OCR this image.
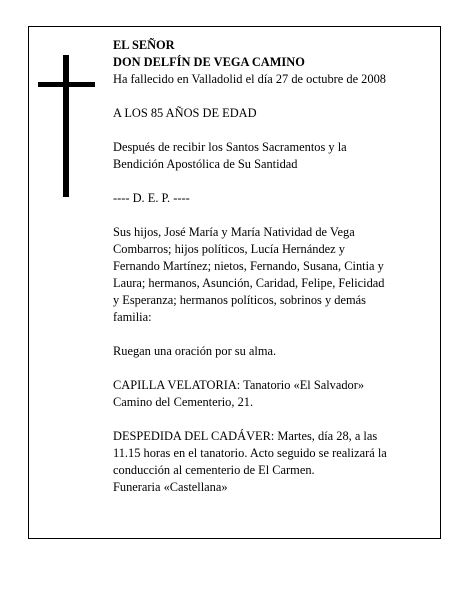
EL SEÑOR
DON DELFÍN DE VEGA CAMINO
Ha fallecido en Valladolid el día 27 de octubre de 2008

A LOS 85 AÑOS DE EDAD

Después de recibir los Santos Sacramentos y la
Bendición Apostólica de Su Santidad

---- D. E. P. ----

Sus hijos, José María y María Natividad de Vega
Combarros; hijos políticos, Lucía Hernández y
Fernando Martínez; nietos, Fernando, Susana, Cintia y
Laura; hermanos, Asunción, Caridad, Felipe, Felicidad
y Esperanza; hermanos políticos, sobrinos y demás
familia:

Ruegan una oración por su alma.

CAPILLA VELATORIA: Tanatorio «El Salvador»
Camino del Cementerio, 21.

DESPEDIDA DEL CADÁVER: Martes, día 28, a las
11.15 horas en el tanatorio. Acto seguido se realizará la
conducción al cementerio de El Carmen.
Funeraria «Castellana»
